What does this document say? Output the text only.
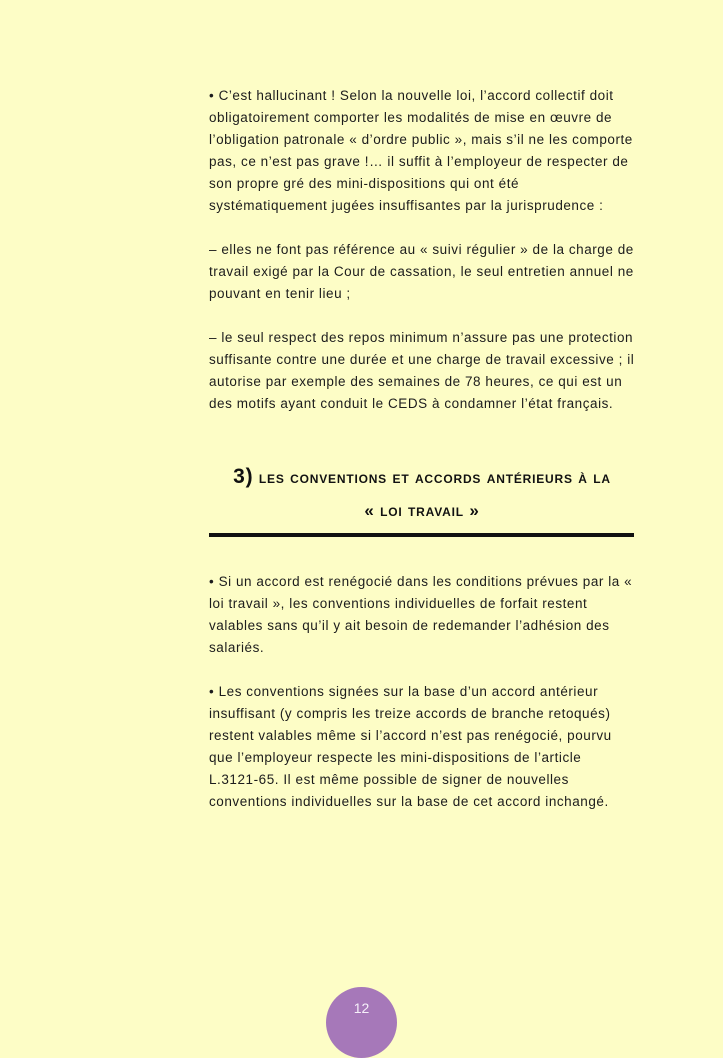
• C’est hallucinant ! Selon la nouvelle loi, l’accord collectif doit obligatoirement comporter les modalités de mise en œuvre de l’obligation patronale « d’ordre public », mais s’il ne les comporte pas, ce n’est pas grave !… il suffit à l’employeur de respecter de son propre gré des mini-dispositions qui ont été systématiquement jugées insuffisantes par la jurisprudence :

– elles ne font pas référence au « suivi régulier » de la charge de travail exigé par la Cour de cassation, le seul entretien annuel ne pouvant en tenir lieu ;

– le seul respect des repos minimum n’assure pas une protection suffisante contre une durée et une charge de travail excessive ; il autorise par exemple des semaines de 78 heures, ce qui est un des motifs ayant conduit le CEDS à condamner l’état français.

3) les conventions et accords antérieurs à la
« loi travail »

• Si un accord est renégocié dans les conditions prévues par la « loi travail », les conventions individuelles de forfait restent valables sans qu’il y ait besoin de redemander l’adhésion des salariés.

• Les conventions signées sur la base d’un accord antérieur insuffisant (y compris les treize accords de branche retoqués) restent valables même si l’accord n’est pas renégocié, pourvu que l’employeur respecte les mini-dispositions de l’article L.3121-65. Il est même possible de signer de nouvelles conventions individuelles sur la base de cet accord inchangé.

12
